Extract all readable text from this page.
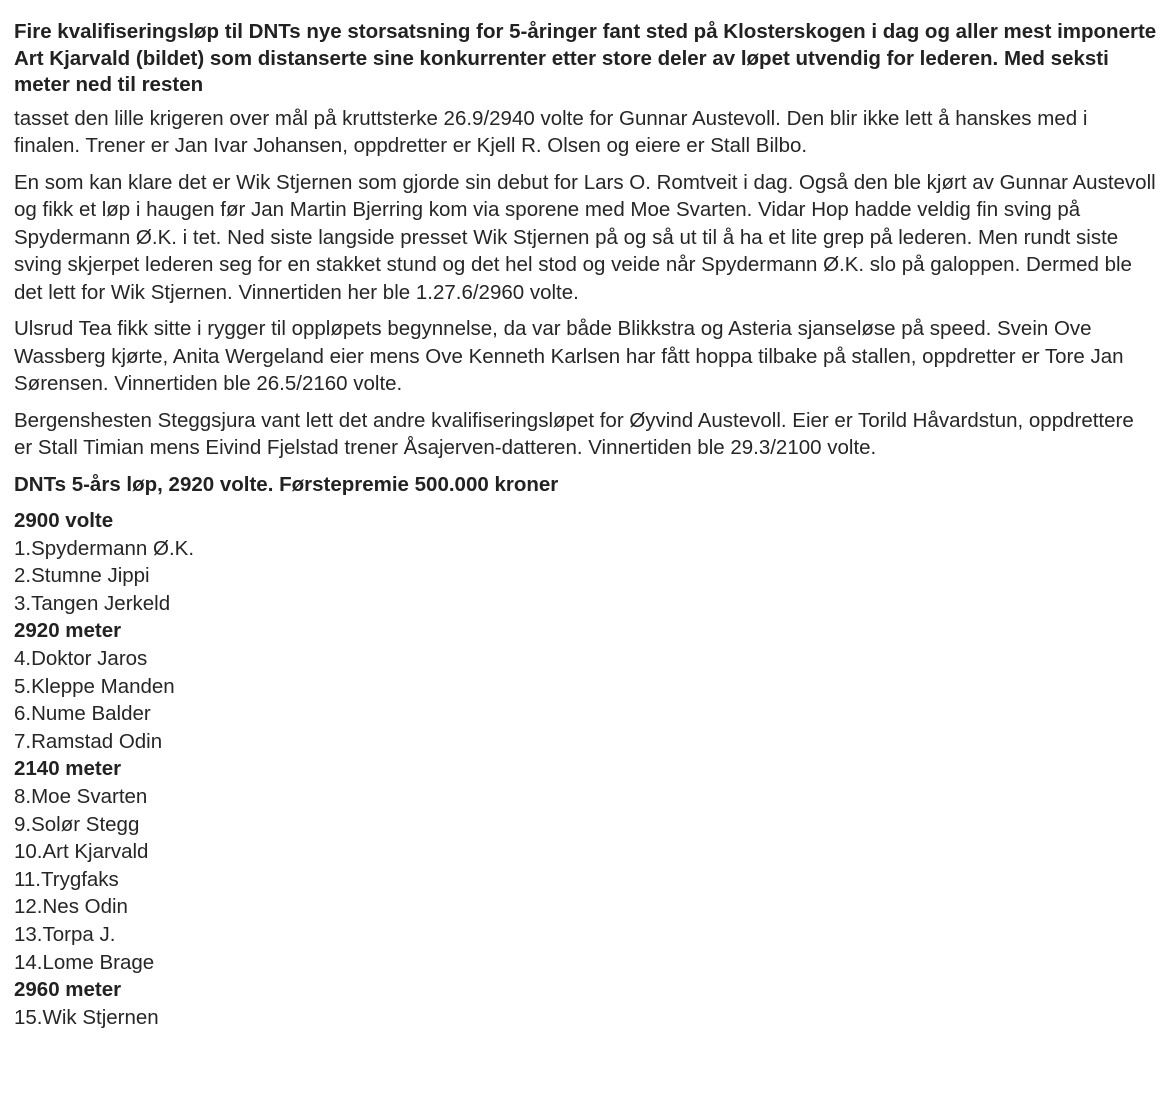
Fire kvalifiseringsløp til DNTs nye storsatsning for 5-åringer fant sted på Klosterskogen i dag og aller mest imponerte Art Kjarvald (bildet) som distanserte sine konkurrenter etter store deler av løpet utvendig for lederen. Med seksti meter ned til resten

tasset den lille krigeren over mål på kruttsterke 26.9/2940 volte for Gunnar Austevoll. Den blir ikke lett å hanskes med i finalen. Trener er Jan Ivar Johansen, oppdretter er Kjell R. Olsen og eiere er Stall Bilbo.

En som kan klare det er Wik Stjernen som gjorde sin debut for Lars O. Romtveit i dag. Også den ble kjørt av Gunnar Austevoll og fikk et løp i haugen før Jan Martin Bjerring kom via sporene med Moe Svarten. Vidar Hop hadde veldig fin sving på Spydermann Ø.K. i tet. Ned siste langside presset Wik Stjernen på og så ut til å ha et lite grep på lederen. Men rundt siste sving skjerpet lederen seg for en stakket stund og det hel stod og veide når Spydermann Ø.K. slo på galoppen. Dermed ble det lett for Wik Stjernen. Vinnertiden her ble 1.27.6/2960 volte.

Ulsrud Tea fikk sitte i rygger til oppløpets begynnelse, da var både Blikkstra og Asteria sjanseløse på speed. Svein Ove Wassberg kjørte, Anita Wergeland eier mens Ove Kenneth Karlsen har fått hoppa tilbake på stallen, oppdretter er Tore Jan Sørensen. Vinnertiden ble 26.5/2160 volte.

Bergenshesten Steggsjura vant lett det andre kvalifiseringsløpet for Øyvind Austevoll. Eier er Torild Håvardstun, oppdrettere er Stall Timian mens Eivind Fjelstad trener Åsajerven-datteren. Vinnertiden ble 29.3/2100 volte.

DNTs 5-års løp, 2920 volte. Førstepremie 500.000 kroner
2900 volte
1.Spydermann Ø.K.
2.Stumne Jippi
3.Tangen Jerkeld
2920 meter
4.Doktor Jaros
5.Kleppe Manden
6.Nume Balder
7.Ramstad Odin
2140 meter
8.Moe Svarten
9.Solør Stegg
10.Art Kjarvald
11.Trygfaks
12.Nes Odin
13.Torpa J.
14.Lome Brage
2960 meter
15.Wik Stjernen
